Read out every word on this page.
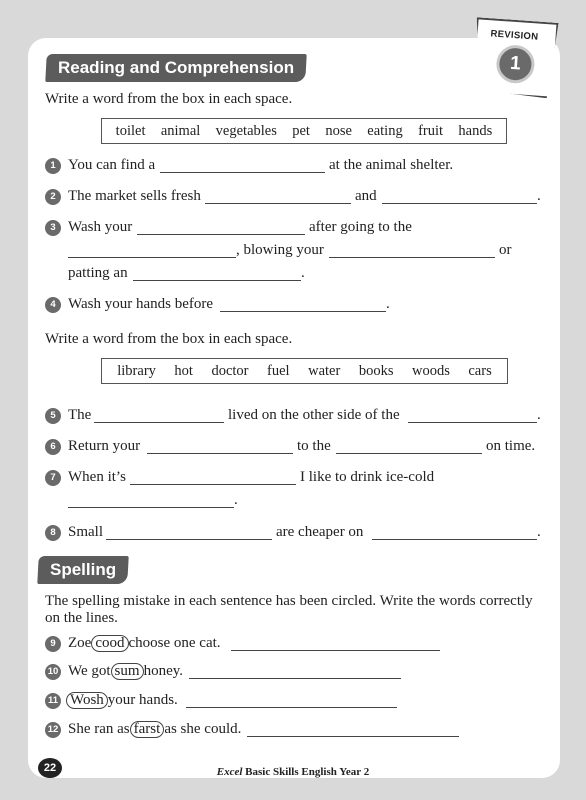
REVISION
1
Reading and Comprehension
Write a word from the box in each space.
toilet animal vegetables pet nose eating fruit hands
1 You can find a	at the animal shelter.
2 The market sells fresh	and	.
3 Wash your	after going to the
, blowing your	or
patting an	.
4 Wash your hands before	.
Write a word from the box in each space.
library hot doctor fuel water books woods cars
5 The	lived on the other side of the	.
6 Return your	to the	on time.
7 When it’s	I like to drink ice-cold
.
8 Small	are cheaper on	.
Spelling
The spelling mistake in each sentence has been circled. Write the words correctly
on the lines.
9 Zoe cood choose one cat.
10 We got sum honey.
11 Wosh your hands.
12 She ran as farst as she could.
22	Excel Basic Skills English Year 2
